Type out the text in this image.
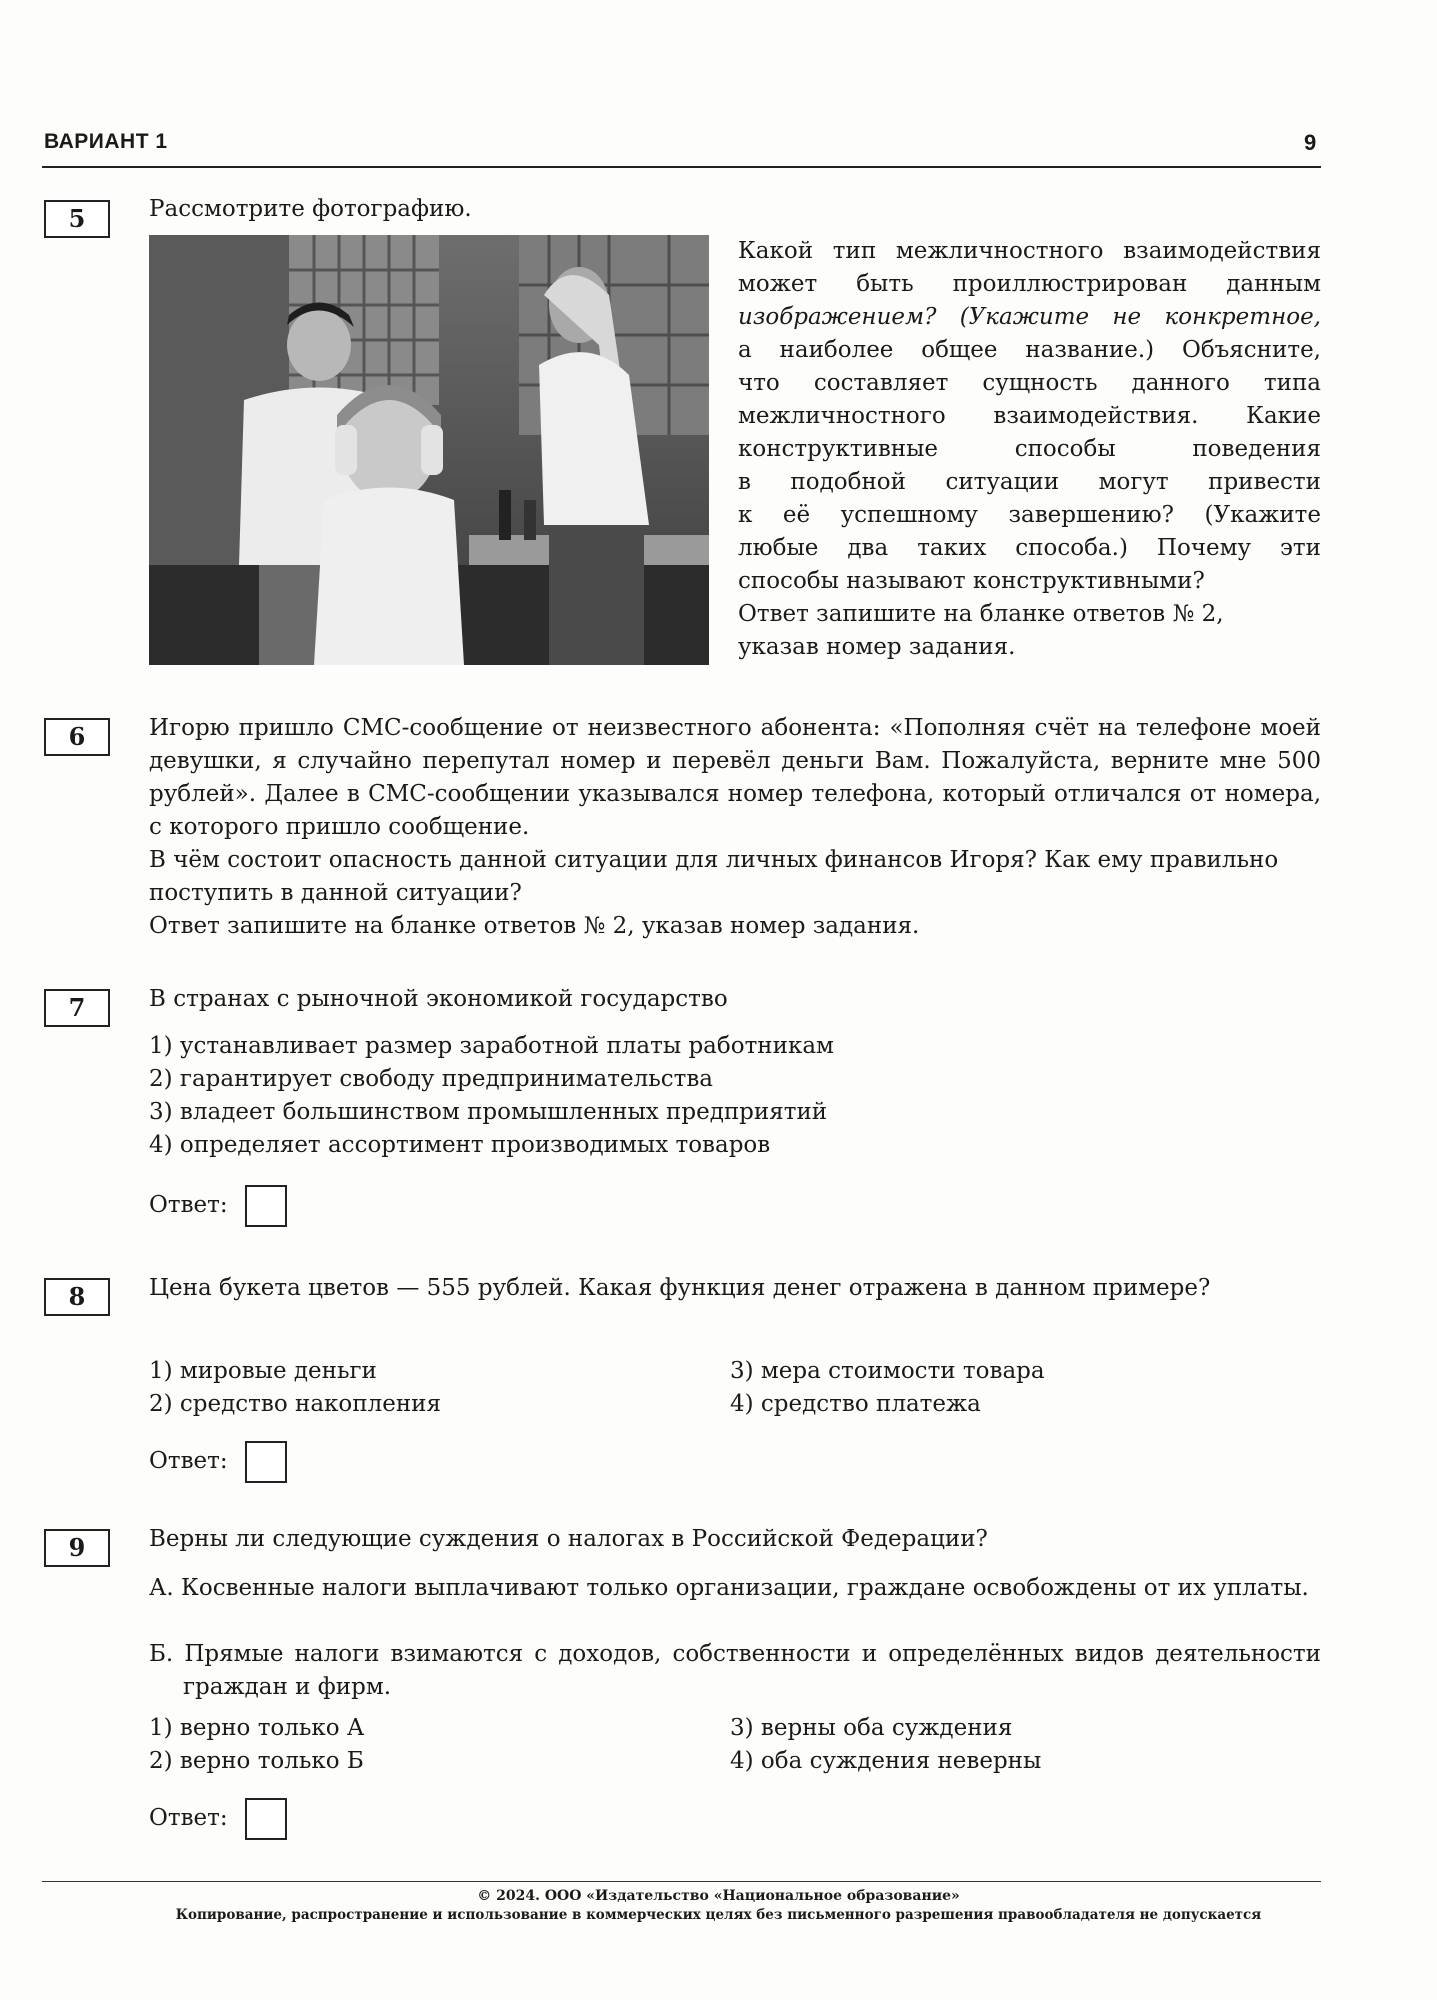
ВАРИАНТ 1	9
5	Рассмотрите фотографию.
Какой тип межличностного взаимодействия
может быть проиллюстрирован данным
изображением? (Укажите не конкретное,
а наиболее общее название.) Объясните,
что составляет сущность данного типа
межличностного взаимодействия. Какие
конструктивные способы поведения
в подобной ситуации могут привести
к её успешному завершению? (Укажите
любые два таких способа.) Почему эти
способы называют конструктивными?
Ответ запишите на бланке ответов № 2,
указав номер задания.
6	Игорю пришло СМС-сообщение от неизвестного абонента: «Пополняя счёт на телефоне моей девушки, я случайно перепутал номер и перевёл деньги Вам. Пожалуйста, верните мне 500 рублей». Далее в СМС-сообщении указывался номер телефона, который отличался от номера, с которого пришло сообщение.
В чём состоит опасность данной ситуации для личных финансов Игоря? Как ему правильно поступить в данной ситуации?
Ответ запишите на бланке ответов № 2, указав номер задания.
7	В странах с рыночной экономикой государство
1) устанавливает размер заработной платы работникам
2) гарантирует свободу предпринимательства
3) владеет большинством промышленных предприятий
4) определяет ассортимент производимых товаров
Ответ:
8	Цена букета цветов — 555 рублей. Какая функция денег отражена в данном примере?
1) мировые деньги	3) мера стоимости товара
2) средство накопления	4) средство платежа
Ответ:
9	Верны ли следующие суждения о налогах в Российской Федерации?
А. Косвенные налоги выплачивают только организации, граждане освобождены от их уплаты.
Б. Прямые налоги взимаются с доходов, собственности и определённых видов деятельности граждан и фирм.
1) верно только А	3) верны оба суждения
2) верно только Б	4) оба суждения неверны
Ответ:
© 2024. ООО «Издательство «Национальное образование»
Копирование, распространение и использование в коммерческих целях без письменного разрешения правообладателя не допускается
